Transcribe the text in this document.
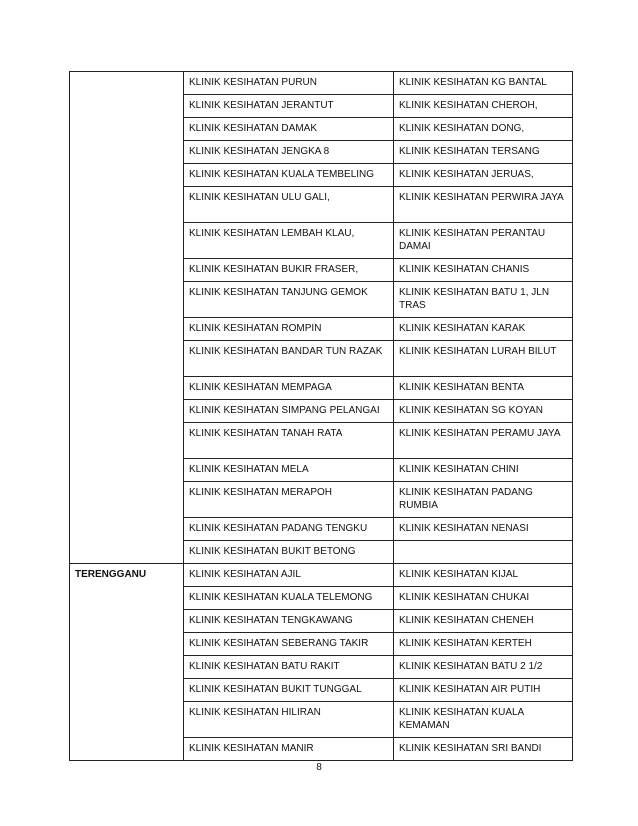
	KLINIK KESIHATAN PURUN	KLINIK KESIHATAN KG BANTAL
	KLINIK KESIHATAN JERANTUT	KLINIK KESIHATAN CHEROH,
	KLINIK KESIHATAN DAMAK	KLINIK KESIHATAN DONG,
	KLINIK KESIHATAN JENGKA 8	KLINIK KESIHATAN TERSANG
	KLINIK KESIHATAN KUALA TEMBELING	KLINIK KESIHATAN JERUAS,
	KLINIK KESIHATAN ULU GALI,	KLINIK KESIHATAN PERWIRA JAYA
	KLINIK KESIHATAN LEMBAH KLAU,	KLINIK KESIHATAN PERANTAU DAMAI
	KLINIK KESIHATAN BUKIR FRASER,	KLINIK KESIHATAN CHANIS
	KLINIK KESIHATAN TANJUNG GEMOK	KLINIK KESIHATAN BATU 1, JLN TRAS
	KLINIK KESIHATAN ROMPIN	KLINIK KESIHATAN KARAK
	KLINIK KESIHATAN BANDAR TUN RAZAK	KLINIK KESIHATAN LURAH BILUT
	KLINIK KESIHATAN MEMPAGA	KLINIK KESIHATAN BENTA
	KLINIK KESIHATAN SIMPANG PELANGAI	KLINIK KESIHATAN SG KOYAN
	KLINIK KESIHATAN TANAH RATA	KLINIK KESIHATAN PERAMU JAYA
	KLINIK KESIHATAN MELA	KLINIK KESIHATAN CHINI
	KLINIK KESIHATAN MERAPOH	KLINIK KESIHATAN PADANG RUMBIA
	KLINIK KESIHATAN PADANG TENGKU	KLINIK KESIHATAN NENASI
	KLINIK KESIHATAN BUKIT BETONG	
TERENGGANU	KLINIK KESIHATAN AJIL	KLINIK KESIHATAN KIJAL
	KLINIK KESIHATAN KUALA TELEMONG	KLINIK KESIHATAN CHUKAI
	KLINIK KESIHATAN TENGKAWANG	KLINIK KESIHATAN CHENEH
	KLINIK KESIHATAN SEBERANG TAKIR	KLINIK KESIHATAN KERTEH
	KLINIK KESIHATAN BATU RAKIT	KLINIK KESIHATAN BATU 2 1/2
	KLINIK KESIHATAN BUKIT TUNGGAL	KLINIK KESIHATAN AIR PUTIH
	KLINIK KESIHATAN HILIRAN	KLINIK KESIHATAN KUALA KEMAMAN
	KLINIK KESIHATAN MANIR	KLINIK KESIHATAN SRI BANDI
8
